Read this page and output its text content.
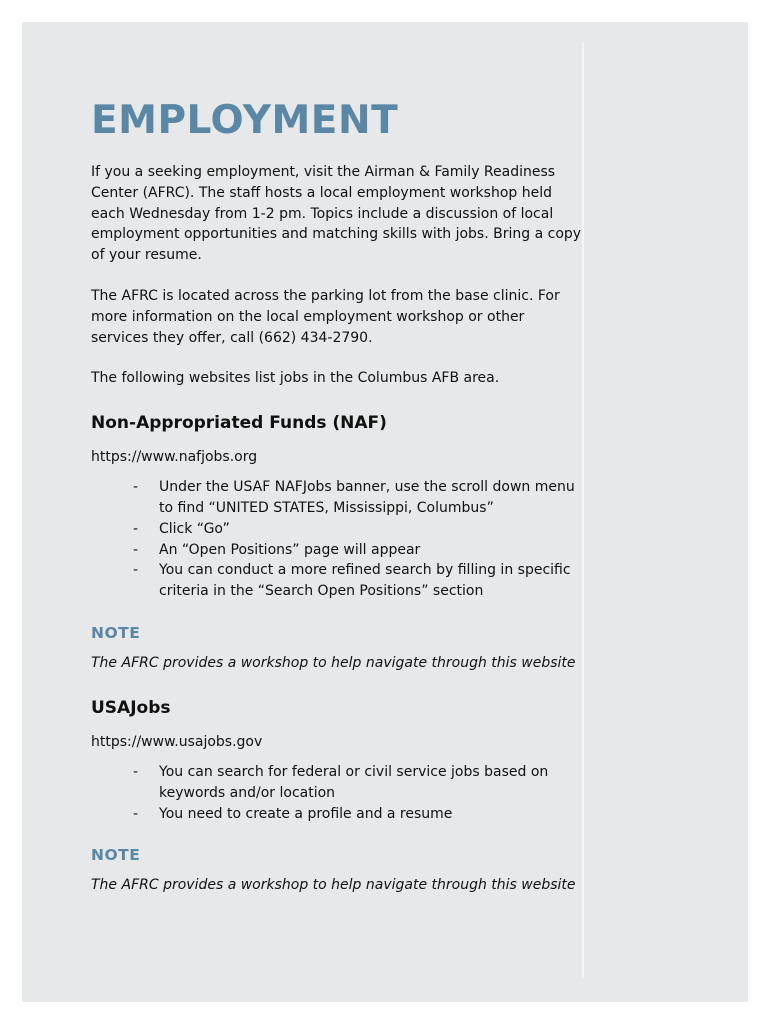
EMPLOYMENT

If you a seeking employment, visit the Airman & Family Readiness Center (AFRC). The staff hosts a local employment workshop held each Wednesday from 1-2 pm. Topics include a discussion of local employment opportunities and matching skills with jobs. Bring a copy of your resume.

The AFRC is located across the parking lot from the base clinic. For more information on the local employment workshop or other services they offer, call (662) 434-2790.

The following websites list jobs in the Columbus AFB area.

Non-Appropriated Funds (NAF)

https://www.nafjobs.org

- Under the USAF NAFJobs banner, use the scroll down menu to find “UNITED STATES, Mississippi, Columbus”
- Click “Go”
- An “Open Positions” page will appear
- You can conduct a more refined search by filling in specific criteria in the “Search Open Positions” section

NOTE

The AFRC provides a workshop to help navigate through this website

USAJobs

https://www.usajobs.gov

- You can search for federal or civil service jobs based on keywords and/or location
- You need to create a profile and a resume

NOTE

The AFRC provides a workshop to help navigate through this website
